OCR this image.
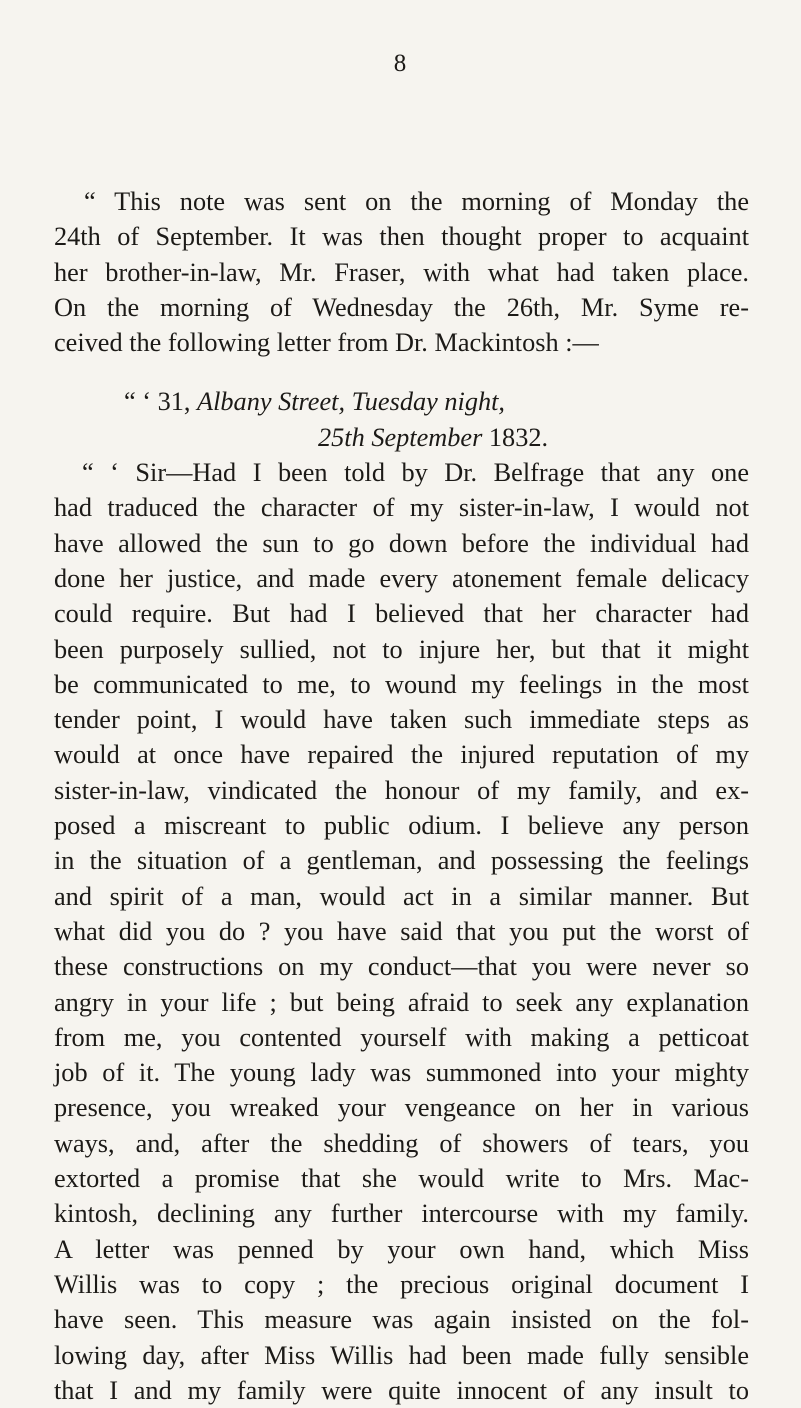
8
“ This note was sent on the morning of Monday the
24th of September. It was then thought proper to acquaint
her brother-in-law, Mr. Fraser, with what had taken place.
On the morning of Wednesday the 26th, Mr. Syme re-
ceived the following letter from Dr. Mackintosh :—
“ ‘ 31, Albany Street, Tuesday night,
25th September 1832.
“ ‘ Sir—Had I been told by Dr. Belfrage that any one
had traduced the character of my sister-in-law, I would not
have allowed the sun to go down before the individual had
done her justice, and made every atonement female delicacy
could require. But had I believed that her character had
been purposely sullied, not to injure her, but that it might
be communicated to me, to wound my feelings in the most
tender point, I would have taken such immediate steps as
would at once have repaired the injured reputation of my
sister-in-law, vindicated the honour of my family, and ex-
posed a miscreant to public odium. I believe any person
in the situation of a gentleman, and possessing the feelings
and spirit of a man, would act in a similar manner. But
what did you do ? you have said that you put the worst of
these constructions on my conduct—that you were never so
angry in your life ; but being afraid to seek any explanation
from me, you contented yourself with making a petticoat
job of it. The young lady was summoned into your mighty
presence, you wreaked your vengeance on her in various
ways, and, after the shedding of showers of tears, you
extorted a promise that she would write to Mrs. Mac-
kintosh, declining any further intercourse with my family.
A letter was penned by your own hand, which Miss
Willis was to copy ; the precious original document I
have seen. This measure was again insisted on the fol-
lowing day, after Miss Willis had been made fully sensible
that I and my family were quite innocent of any insult to
